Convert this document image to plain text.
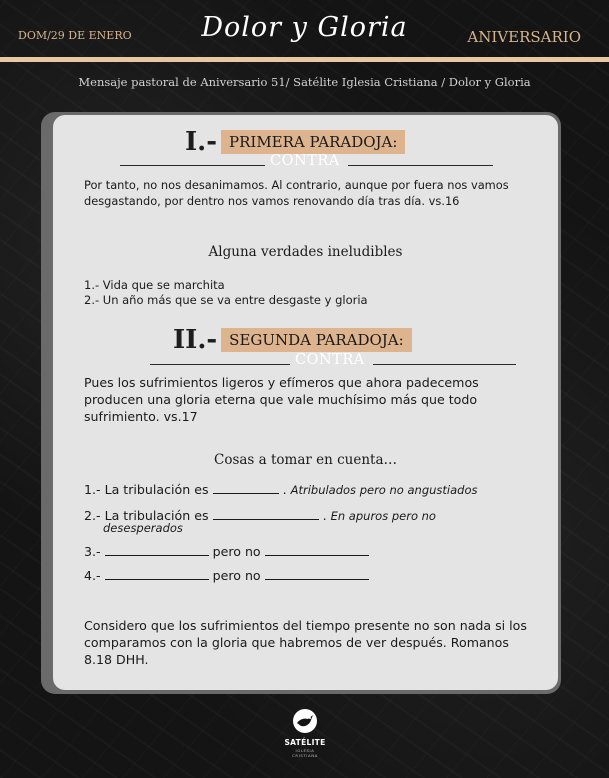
DOM/29 DE ENERO	Dolor y Gloria	ANIVERSARIO
Mensaje pastoral de Aniversario 51/ Satélite Iglesia Cristiana / Dolor y Gloria
I.- PRIMERA PARADOJA:
CONTRA
Por tanto, no nos desanimamos. Al contrario, aunque por fuera nos vamos desgastando, por dentro nos vamos renovando día tras día. vs.16
Alguna verdades ineludibles
1.- Vida que se marchita
2.- Un año más que se va entre desgaste y gloria
II.- SEGUNDA PARADOJA:
CONTRA
Pues los sufrimientos ligeros y efímeros que ahora padecemos producen una gloria eterna que vale muchísimo más que todo sufrimiento. vs.17
Cosas a tomar en cuenta…
1.- La tribulación es	. Atribulados pero no angustiados
2.- La tribulación es	. En apuros pero no
desesperados
3.-	pero no
4.-	pero no
Considero que los sufrimientos del tiempo presente no son nada si los comparamos con la gloria que habremos de ver después. Romanos 8.18 DHH.
SATÉLITE
IGLESIA CRISTIANA
